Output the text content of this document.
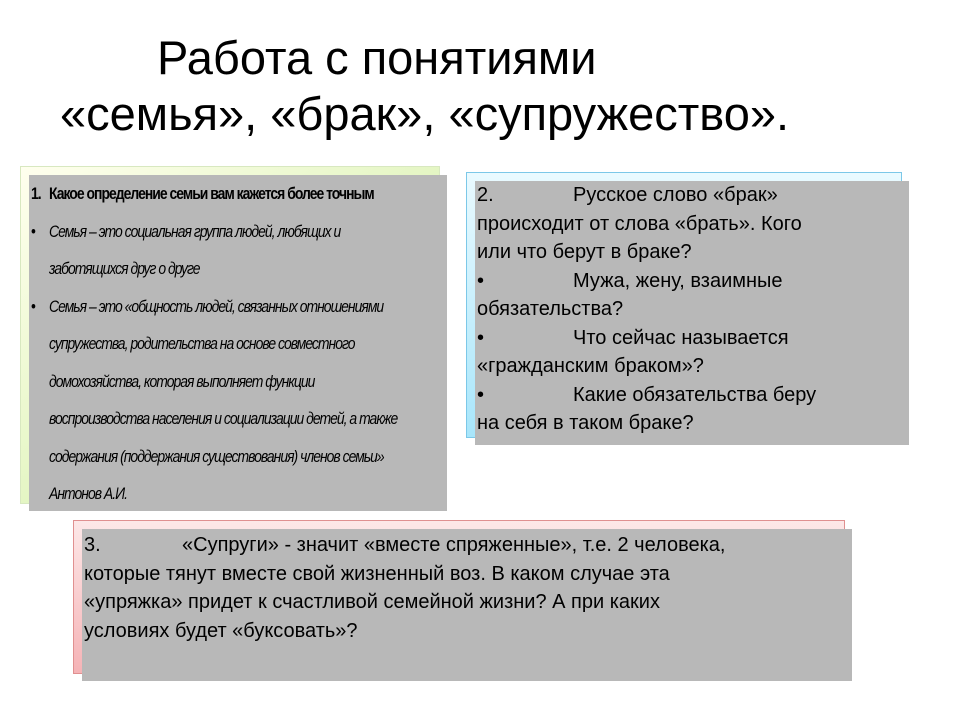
Работа с понятиями
«семья», «брак», «супружество».
1. Какое определение семьи вам кажется более точным
• Семья – это социальная группа людей, любящих и
заботящихся друг о друге
• Семья – это «общность людей, связанных отношениями
супружества, родительства на основе совместного
домохозяйства, которая выполняет функции
воспроизводства населения и социализации детей, а также
содержания (поддержания существования) членов семьи»
Антонов А.И.
2.	Русское слово «брак»
происходит от слова «брать». Кого
или что берут в браке?
•	Мужа, жену, взаимные
обязательства?
•	Что сейчас называется
«гражданским браком»?
•	Какие обязательства беру
на себя в таком браке?
3.	«Супруги» - значит «вместе спряженные», т.е. 2 человека,
которые тянут вместе свой жизненный воз. В каком случае эта
«упряжка» придет к счастливой семейной жизни? А при каких
условиях будет «буксовать»?
